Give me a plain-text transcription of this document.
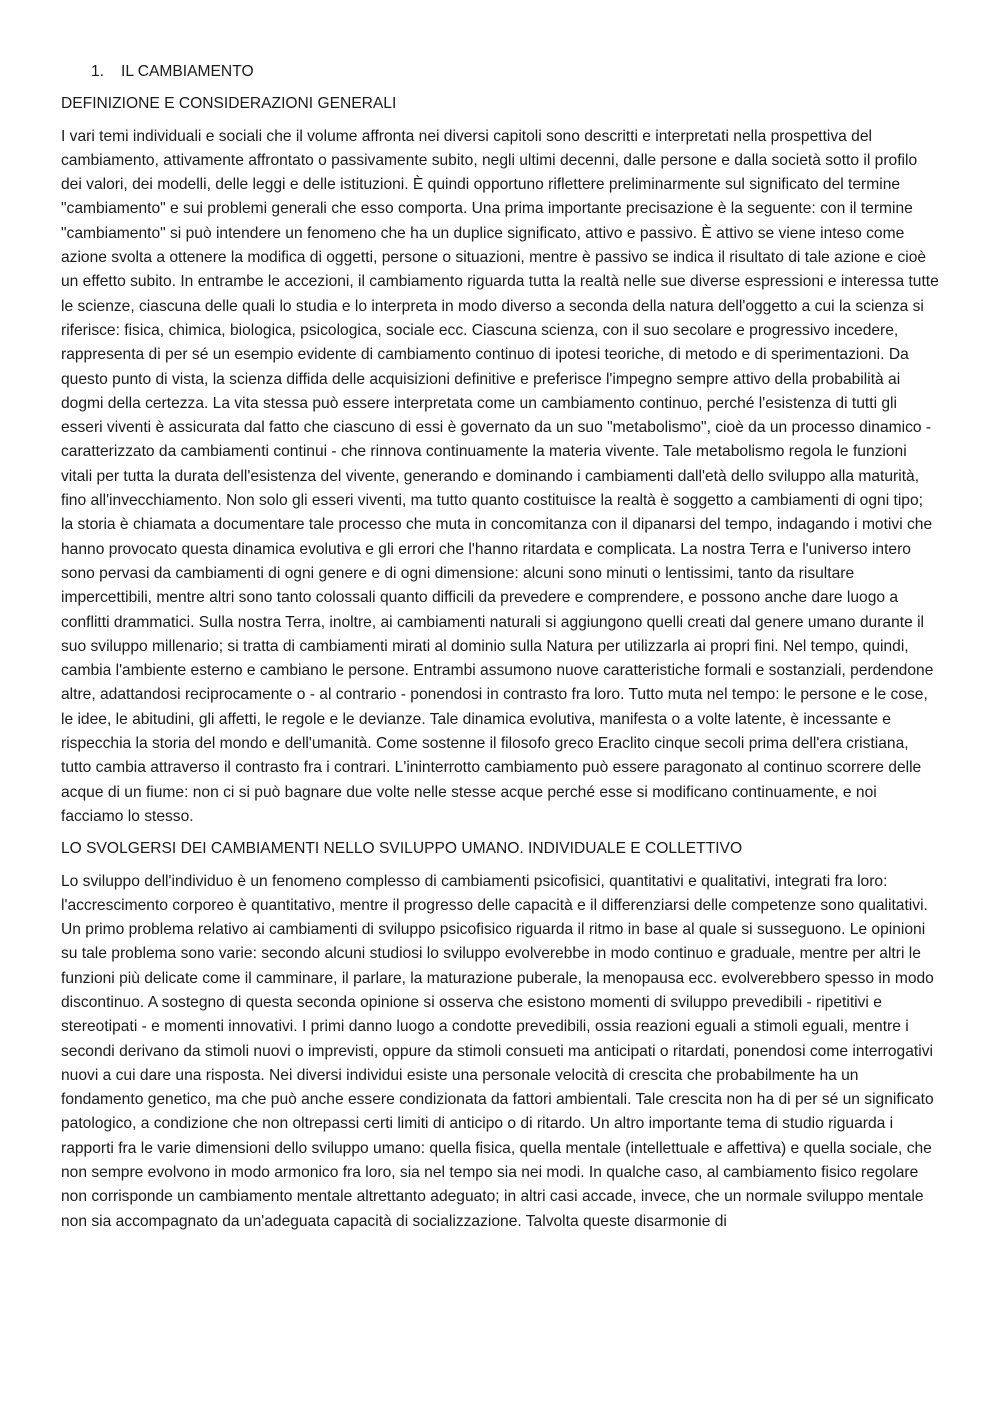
1.	IL CAMBIAMENTO

DEFINIZIONE E CONSIDERAZIONI GENERALI

I vari temi individuali e sociali che il volume affronta nei diversi capitoli sono descritti e interpretati nella prospettiva del cambiamento, attivamente affrontato o passivamente subito, negli ultimi decenni, dalle persone e dalla società sotto il profilo dei valori, dei modelli, delle leggi e delle istituzioni. È quindi opportuno riflettere preliminarmente sul significato del termine "cambiamento" e sui problemi generali che esso comporta. Una prima importante precisazione è la seguente: con il termine "cambiamento" si può intendere un fenomeno che ha un duplice significato, attivo e passivo. È attivo se viene inteso come azione svolta a ottenere la modifica di oggetti, persone o situazioni, mentre è passivo se indica il risultato di tale azione e cioè un effetto subito. In entrambe le accezioni, il cambiamento riguarda tutta la realtà nelle sue diverse espressioni e interessa tutte le scienze, ciascuna delle quali lo studia e lo interpreta in modo diverso a seconda della natura dell'oggetto a cui la scienza si riferisce: fisica, chimica, biologica, psicologica, sociale ecc. Ciascuna scienza, con il suo secolare e progressivo incedere, rappresenta di per sé un esempio evidente di cambiamento continuo di ipotesi teoriche, di metodo e di sperimentazioni. Da questo punto di vista, la scienza diffida delle acquisizioni definitive e preferisce l'impegno sempre attivo della probabilità ai dogmi della certezza. La vita stessa può essere interpretata come un cambiamento continuo, perché l'esistenza di tutti gli esseri viventi è assicurata dal fatto che ciascuno di essi è governato da un suo "metabolismo", cioè da un processo dinamico - caratterizzato da cambiamenti continui - che rinnova continuamente la materia vivente. Tale metabolismo regola le funzioni vitali per tutta la durata dell'esistenza del vivente, generando e dominando i cambiamenti dall'età dello sviluppo alla maturità, fino all'invecchiamento. Non solo gli esseri viventi, ma tutto quanto costituisce la realtà è soggetto a cambiamenti di ogni tipo; la storia è chiamata a documentare tale processo che muta in concomitanza con il dipanarsi del tempo, indagando i motivi che hanno provocato questa dinamica evolutiva e gli errori che l'hanno ritardata e complicata. La nostra Terra e l'universo intero sono pervasi da cambiamenti di ogni genere e di ogni dimensione: alcuni sono minuti o lentissimi, tanto da risultare impercettibili, mentre altri sono tanto colossali quanto difficili da prevedere e comprendere, e possono anche dare luogo a conflitti drammatici. Sulla nostra Terra, inoltre, ai cambiamenti naturali si aggiungono quelli creati dal genere umano durante il suo sviluppo millenario; si tratta di cambiamenti mirati al dominio sulla Natura per utilizzarla ai propri fini. Nel tempo, quindi, cambia l'ambiente esterno e cambiano le persone. Entrambi assumono nuove caratteristiche formali e sostanziali, perdendone altre, adattandosi reciprocamente o - al contrario - ponendosi in contrasto fra loro. Tutto muta nel tempo: le persone e le cose, le idee, le abitudini, gli affetti, le regole e le devianze. Tale dinamica evolutiva, manifesta o a volte latente, è incessante e rispecchia la storia del mondo e dell'umanità. Come sostenne il filosofo greco Eraclito cinque secoli prima dell'era cristiana, tutto cambia attraverso il contrasto fra i contrari. L'ininterrotto cambiamento può essere paragonato al continuo scorrere delle acque di un fiume: non ci si può bagnare due volte nelle stesse acque perché esse si modificano continuamente, e noi facciamo lo stesso.

LO SVOLGERSI DEI CAMBIAMENTI NELLO SVILUPPO UMANO. INDIVIDUALE E COLLETTIVO

Lo sviluppo dell'individuo è un fenomeno complesso di cambiamenti psicofisici, quantitativi e qualitativi, integrati fra loro: l'accrescimento corporeo è quantitativo, mentre il progresso delle capacità e il differenziarsi delle competenze sono qualitativi. Un primo problema relativo ai cambiamenti di sviluppo psicofisico riguarda il ritmo in base al quale si susseguono. Le opinioni su tale problema sono varie: secondo alcuni studiosi lo sviluppo evolverebbe in modo continuo e graduale, mentre per altri le funzioni più delicate come il camminare, il parlare, la maturazione puberale, la menopausa ecc. evolverebbero spesso in modo discontinuo. A sostegno di questa seconda opinione si osserva che esistono momenti di sviluppo prevedibili - ripetitivi e stereotipati - e momenti innovativi. I primi danno luogo a condotte prevedibili, ossia reazioni eguali a stimoli eguali, mentre i secondi derivano da stimoli nuovi o imprevisti, oppure da stimoli consueti ma anticipati o ritardati, ponendosi come interrogativi nuovi a cui dare una risposta. Nei diversi individui esiste una personale velocità di crescita che probabilmente ha un fondamento genetico, ma che può anche essere condizionata da fattori ambientali. Tale crescita non ha di per sé un significato patologico, a condizione che non oltrepassi certi limiti di anticipo o di ritardo. Un altro importante tema di studio riguarda i rapporti fra le varie dimensioni dello sviluppo umano: quella fisica, quella mentale (intellettuale e affettiva) e quella sociale, che non sempre evolvono in modo armonico fra loro, sia nel tempo sia nei modi. In qualche caso, al cambiamento fisico regolare non corrisponde un cambiamento mentale altrettanto adeguato; in altri casi accade, invece, che un normale sviluppo mentale non sia accompagnato da un'adeguata capacità di socializzazione. Talvolta queste disarmonie di
